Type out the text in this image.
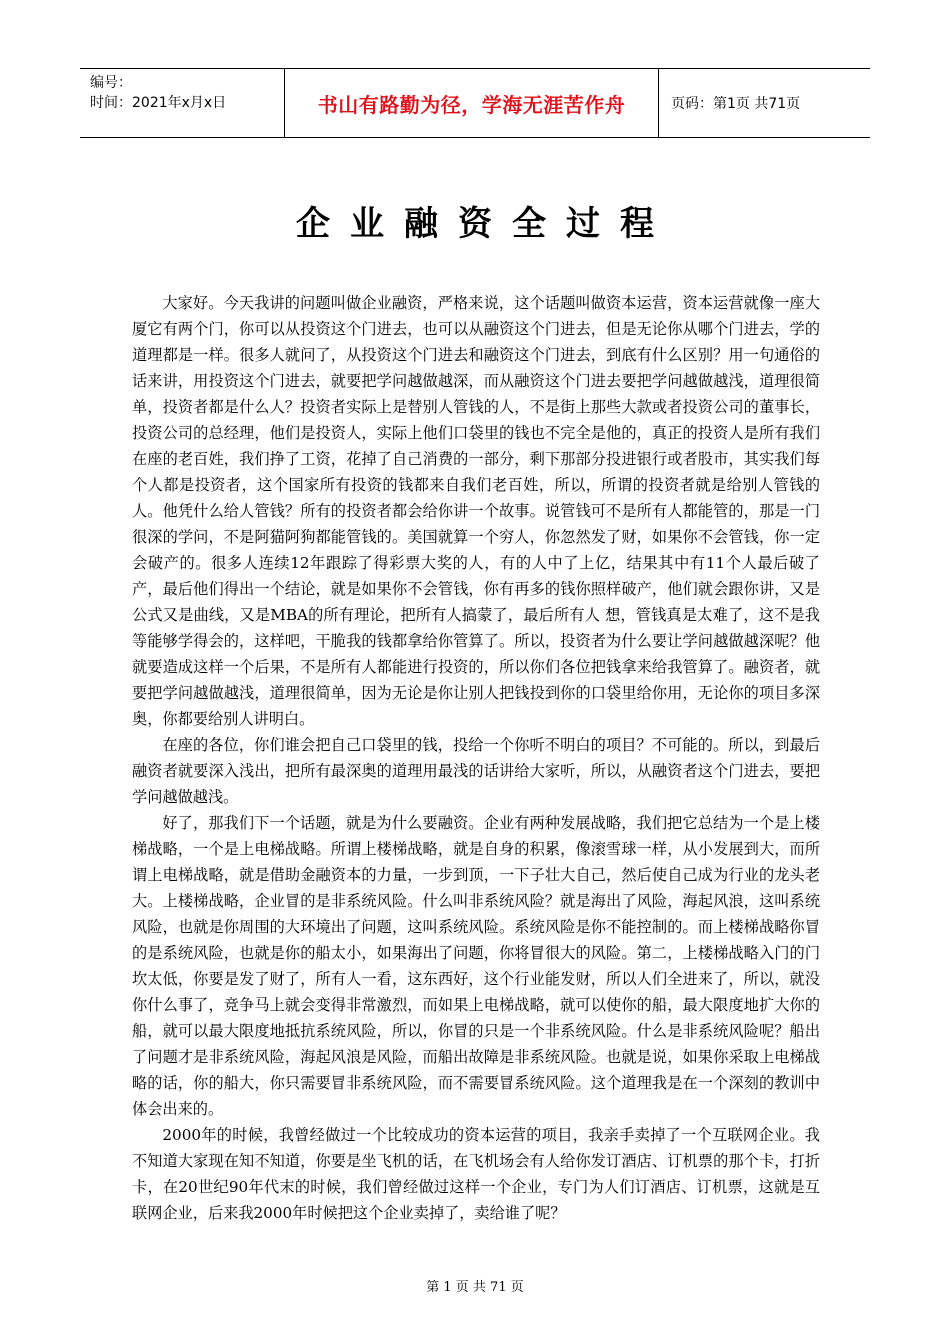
编号：
时间：2021年x月x日	书山有路勤为径，学海无涯苦作舟	页码：第1页 共71页
企业融资全过程

大家好。今天我讲的问题叫做企业融资，严格来说，这个话题叫做资本运营，资本运营就像一座大厦它有两个门，你可以从投资这个门进去，也可以从融资这个门进去，但是无论你从哪个门进去，学的道理都是一样。很多人就问了，从投资这个门进去和融资这个门进去，到底有什么区别？用一句通俗的话来讲，用投资这个门进去，就要把学问越做越深，而从融资这个门进去要把学问越做越浅，道理很简单，投资者都是什么人？投资者实际上是替别人管钱的人，不是街上那些大款或者投资公司的董事长，投资公司的总经理，他们是投资人，实际上他们口袋里的钱也不完全是他的，真正的投资人是所有我们在座的老百姓，我们挣了工资，花掉了自己消费的一部分，剩下那部分投进银行或者股市，其实我们每个人都是投资者，这个国家所有投资的钱都来自我们老百姓，所以，所谓的投资者就是给别人管钱的人。他凭什么给人管钱？所有的投资者都会给你讲一个故事。说管钱可不是所有人都能管的，那是一门很深的学问，不是阿猫阿狗都能管钱的。美国就算一个穷人，你忽然发了财，如果你不会管钱，你一定会破产的。很多人连续12年跟踪了得彩票大奖的人，有的人中了上亿，结果其中有11个人最后破了产，最后他们得出一个结论，就是如果你不会管钱，你有再多的钱你照样破产，他们就会跟你讲，又是公式又是曲线，又是MBA的所有理论，把所有人搞蒙了，最后所有人 想，管钱真是太难了，这不是我等能够学得会的，这样吧，干脆我的钱都拿给你管算了。所以，投资者为什么要让学问越做越深呢？他就要造成这样一个后果，不是所有人都能进行投资的，所以你们各位把钱拿来给我管算了。融资者，就要把学问越做越浅，道理很简单，因为无论是你让别人把钱投到你的口袋里给你用，无论你的项目多深奥，你都要给别人讲明白。

在座的各位，你们谁会把自己口袋里的钱，投给一个你听不明白的项目？不可能的。所以，到最后融资者就要深入浅出，把所有最深奥的道理用最浅的话讲给大家听，所以，从融资者这个门进去，要把学问越做越浅。

好了，那我们下一个话题，就是为什么要融资。企业有两种发展战略，我们把它总结为一个是上楼梯战略，一个是上电梯战略。所谓上楼梯战略，就是自身的积累，像滚雪球一样，从小发展到大，而所谓上电梯战略，就是借助金融资本的力量，一步到顶，一下子壮大自己，然后使自己成为行业的龙头老大。上楼梯战略，企业冒的是非系统风险。什么叫非系统风险？就是海出了风险，海起风浪，这叫系统风险，也就是你周围的大环境出了问题，这叫系统风险。系统风险是你不能控制的。而上楼梯战略你冒的是系统风险，也就是你的船太小，如果海出了问题，你将冒很大的风险。第二，上楼梯战略入门的门坎太低，你要是发了财了，所有人一看，这东西好，这个行业能发财，所以人们全进来了，所以，就没你什么事了，竞争马上就会变得非常激烈，而如果上电梯战略，就可以使你的船，最大限度地扩大你的船，就可以最大限度地抵抗系统风险，所以，你冒的只是一个非系统风险。什么是非系统风险呢？船出了问题才是非系统风险，海起风浪是风险，而船出故障是非系统风险。也就是说，如果你采取上电梯战略的话，你的船大，你只需要冒非系统风险，而不需要冒系统风险。这个道理我是在一个深刻的教训中体会出来的。

2000年的时候，我曾经做过一个比较成功的资本运营的项目，我亲手卖掉了一个互联网企业。我不知道大家现在知不知道，你要是坐飞机的话，在飞机场会有人给你发订酒店、订机票的那个卡，打折卡，在20世纪90年代末的时候，我们曾经做过这样一个企业，专门为人们订酒店、订机票，这就是互联网企业，后来我2000年时候把这个企业卖掉了，卖给谁了呢？

第 1 页 共 71 页
